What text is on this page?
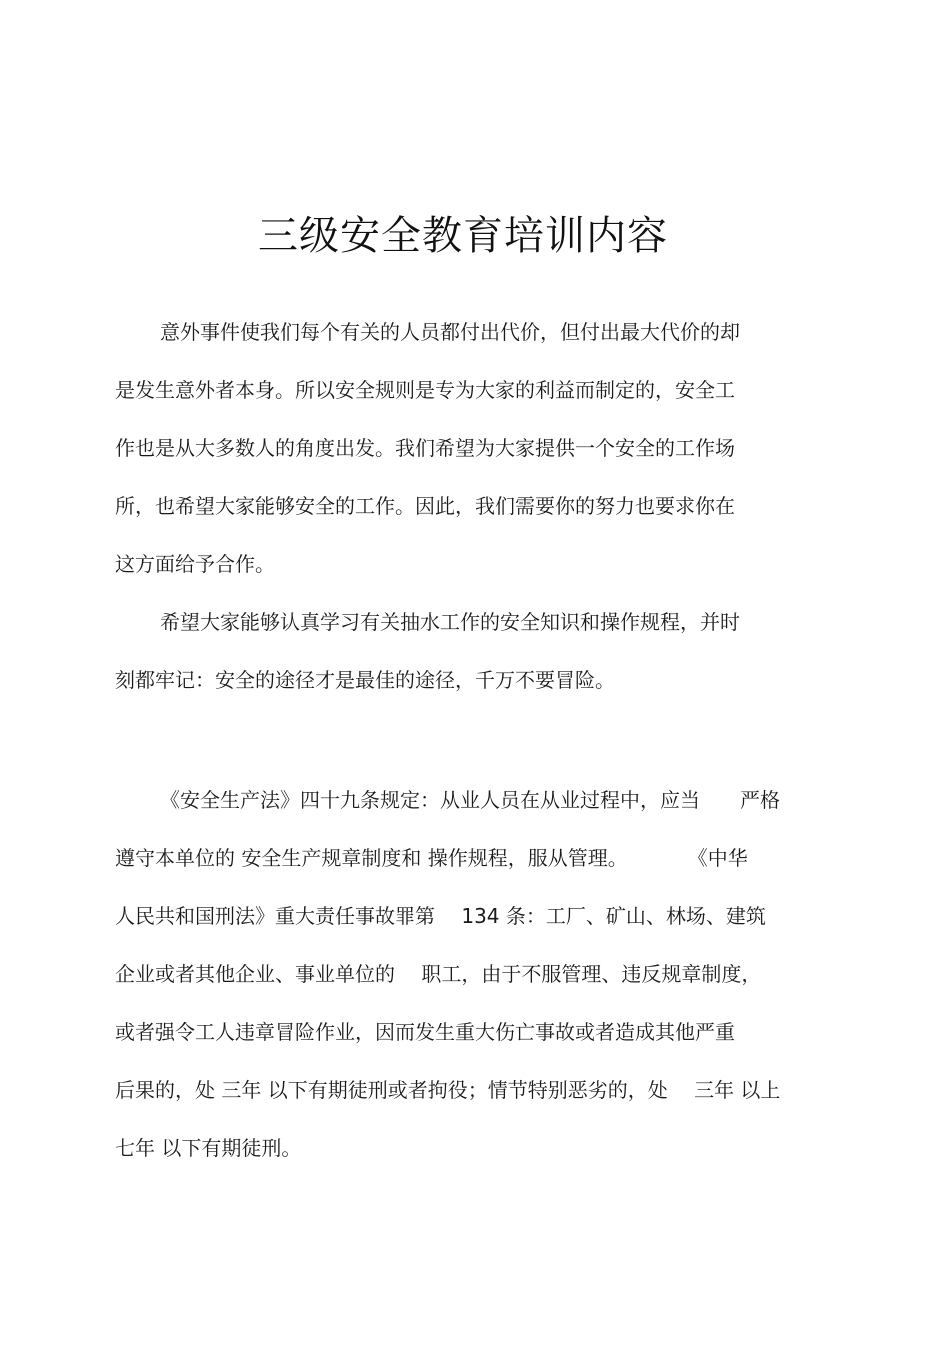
三级安全教育培训内容
意外事件使我们每个有关的人员都付出代价，但付出最大代价的却
是发生意外者本身。所以安全规则是专为大家的利益而制定的，安全工
作也是从大多数人的角度出发。我们希望为大家提供一个安全的工作场
所，也希望大家能够安全的工作。因此，我们需要你的努力也要求你在
这方面给予合作。
希望大家能够认真学习有关抽水工作的安全知识和操作规程，并时
刻都牢记：安全的途径才是最佳的途径，千万不要冒险。
《安全生产法》四十九条规定：从业人员在从业过程中，应当　　严格
遵守本单位的 安全生产规章制度和 操作规程，服从管理。　　　　《中华
人民共和国刑法》重大责任事故罪第　 134 条：工厂、矿山、林场、建筑
企业或者其他企业、事业单位的　 职工，由于不服管理、违反规章制度，
或者强令工人违章冒险作业，因而发生重大伤亡事故或者造成其他严重
后果的，处 三年 以下有期徒刑或者拘役；情节特别恶劣的，处　 三年 以上
七年 以下有期徒刑。
